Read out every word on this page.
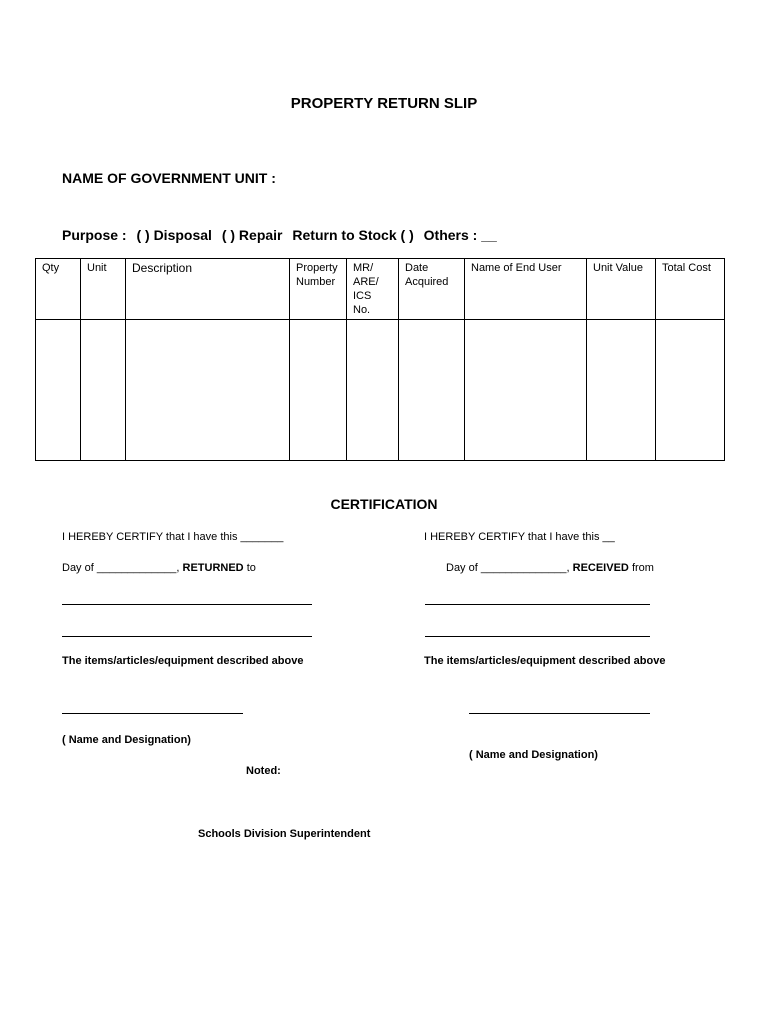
PROPERTY RETURN SLIP
NAME OF GOVERNMENT UNIT :
Purpose : ( ) Disposal ( ) Repair Return to Stock ( ) Others : __
Qty	Unit	Description	Property Number	MR/ ARE/ ICS No.	Date Acquired	Name of End User	Unit Value	Total Cost

CERTIFICATION
I HEREBY CERTIFY that I have this _______
Day of _____________, RETURNED to
The items/articles/equipment described above
( Name and Designation)
Noted:
Schools Division Superintendent
I HEREBY CERTIFY that I have this __
Day of ______________, RECEIVED from
The items/articles/equipment described above
( Name and Designation)
